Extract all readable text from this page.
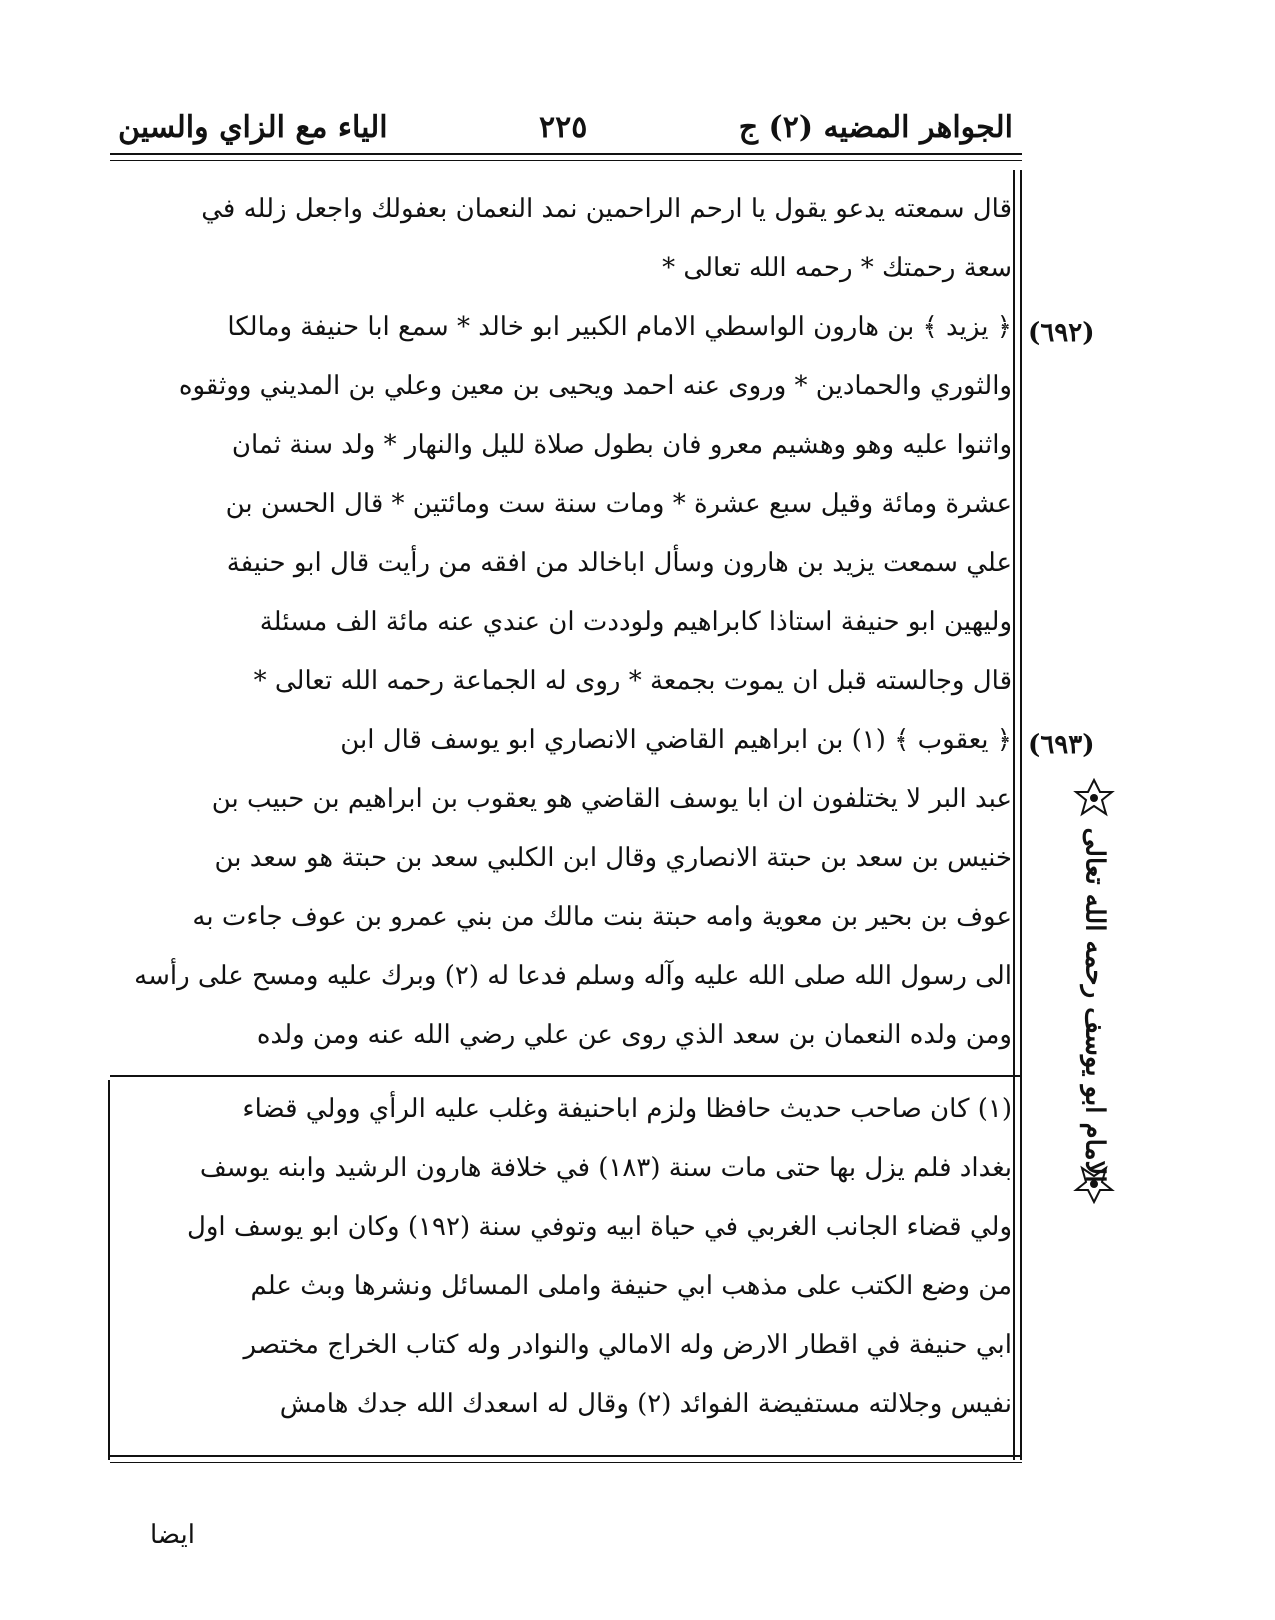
الجواهر المضيه (٢) ج
٢٢٥
الياء مع الزاي والسين
(٦٩٢)
(٦٩٣)
الامام ابو يوسف رحمه الله تعالى
قال سمعته يدعو يقول يا ارحم الراحمين نمد النعمان بعفولك واجعل زلله في
سعة رحمتك * رحمه الله تعالى *
﴿ يزيد ﴾ بن هارون الواسطي الامام الكبير ابو خالد * سمع ابا حنيفة ومالكا
والثوري والحمادين * وروى عنه احمد ويحيى بن معين وعلي بن المديني ووثقوه
واثنوا عليه وهو وهشيم معرو فان بطول صلاة لليل والنهار * ولد سنة ثمان
عشرة ومائة وقيل سبع عشرة * ومات سنة ست ومائتين * قال الحسن بن
علي سمعت يزيد بن هارون وسأل اباخالد من افقه من رأيت قال ابو حنيفة
وليهين ابو حنيفة استاذا كابراهيم ولوددت ان عندي عنه مائة الف مسئلة
قال وجالسته قبل ان يموت بجمعة * روى له الجماعة رحمه الله تعالى *
﴿ يعقوب ﴾ (١) بن ابراهيم القاضي الانصاري ابو يوسف قال ابن
عبد البر لا يختلفون ان ابا يوسف القاضي هو يعقوب بن ابراهيم بن حبيب بن
خنيس بن سعد بن حبتة الانصاري وقال ابن الكلبي سعد بن حبتة هو سعد بن
عوف بن بحير بن معوية وامه حبتة بنت مالك من بني عمرو بن عوف جاءت به
الى رسول الله صلى الله عليه وآله وسلم فدعا له (٢) وبرك عليه ومسح على رأسه
ومن ولده النعمان بن سعد الذي روى عن علي رضي الله عنه ومن ولده
(١) كان صاحب حديث حافظا ولزم اباحنيفة وغلب عليه الرأي وولي قضاء
بغداد فلم يزل بها حتى مات سنة (١٨٣) في خلافة هارون الرشيد وابنه يوسف
ولي قضاء الجانب الغربي في حياة ابيه وتوفي سنة (١٩٢) وكان ابو يوسف اول
من وضع الكتب على مذهب ابي حنيفة واملى المسائل ونشرها وبث علم
ابي حنيفة في اقطار الارض وله الامالي والنوادر وله كتاب الخراج مختصر
نفيس وجلالته مستفيضة الفوائد (٢) وقال له اسعدك الله جدك هامش
ايضا
